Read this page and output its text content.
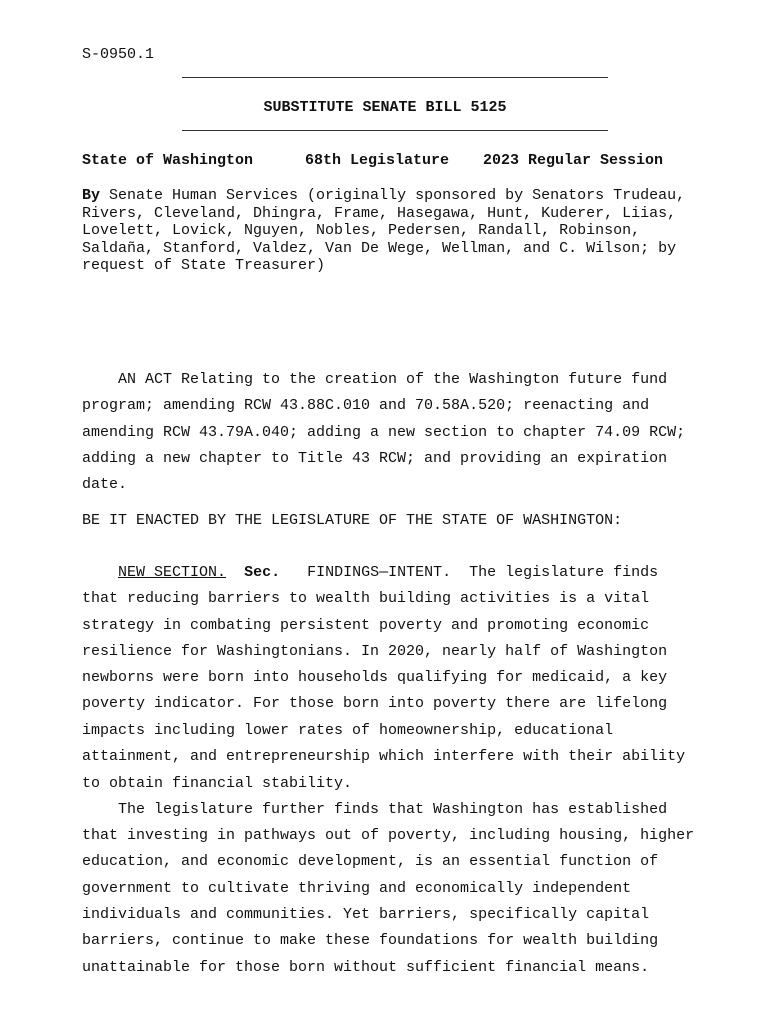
S-0950.1
SUBSTITUTE SENATE BILL 5125
State of Washington	68th Legislature 2023 Regular Session
By Senate Human Services (originally sponsored by Senators Trudeau,
Rivers, Cleveland, Dhingra, Frame, Hasegawa, Hunt, Kuderer, Liias,
Lovelett, Lovick, Nguyen, Nobles, Pedersen, Randall, Robinson,
Saldaña, Stanford, Valdez, Van De Wege, Wellman, and C. Wilson; by
request of State Treasurer)
AN ACT Relating to the creation of the Washington future fund
program; amending RCW 43.88C.010 and 70.58A.520; reenacting and
amending RCW 43.79A.040; adding a new section to chapter 74.09 RCW;
adding a new chapter to Title 43 RCW; and providing an expiration
date.
BE IT ENACTED BY THE LEGISLATURE OF THE STATE OF WASHINGTON:
NEW SECTION. Sec. FINDINGS—INTENT.  The legislature finds
that reducing barriers to wealth building activities is a vital
strategy in combating persistent poverty and promoting economic
resilience for Washingtonians. In 2020, nearly half of Washington
newborns were born into households qualifying for medicaid, a key
poverty indicator. For those born into poverty there are lifelong
impacts including lower rates of homeownership, educational
attainment, and entrepreneurship which interfere with their ability
to obtain financial stability.
The legislature further finds that Washington has established
that investing in pathways out of poverty, including housing, higher
education, and economic development, is an essential function of
government to cultivate thriving and economically independent
individuals and communities. Yet barriers, specifically capital
barriers, continue to make these foundations for wealth building
unattainable for those born without sufficient financial means.
